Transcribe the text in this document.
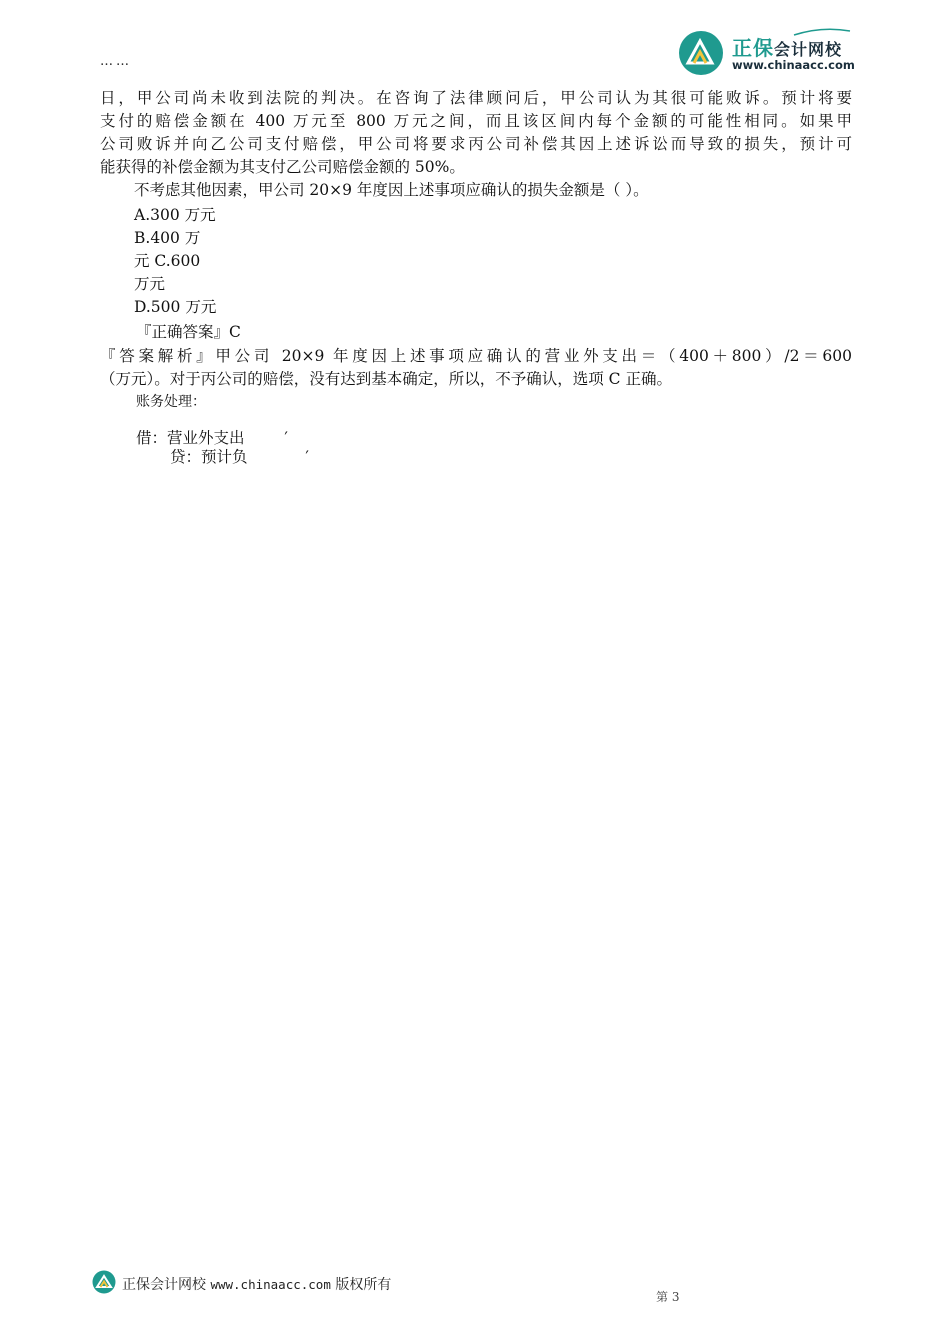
……
正保会计网校
www.chinaacc.com
日，甲公司尚未收到法院的判决。在咨询了法律顾问后，甲公司认为其很可能败诉。预计将要
支付的赔偿金额在 400 万元至 800 万元之间，而且该区间内每个金额的可能性相同。如果甲
公司败诉并向乙公司支付赔偿，甲公司将要求丙公司补偿其因上述诉讼而导致的损失，预计可
能获得的补偿金额为其支付乙公司赔偿金额的 50%。
不考虑其他因素，甲公司 20×9 年度因上述事项应确认的损失金额是（ ）。
A.300 万元
B.400 万
元 C.600
万元
D.500 万元
『正确答案』C
『答案解析』甲公司 20×9 年度因上述事项应确认的营业外支出＝（400＋800）/2＝600
（万元）。对于丙公司的赔偿，没有达到基本确定，所以，不予确认，选项 C 正确。
账务处理：
借：营业外支出	′
贷：预计负	′
正保会计网校 www.chinaacc.com 版权所有
第 3
